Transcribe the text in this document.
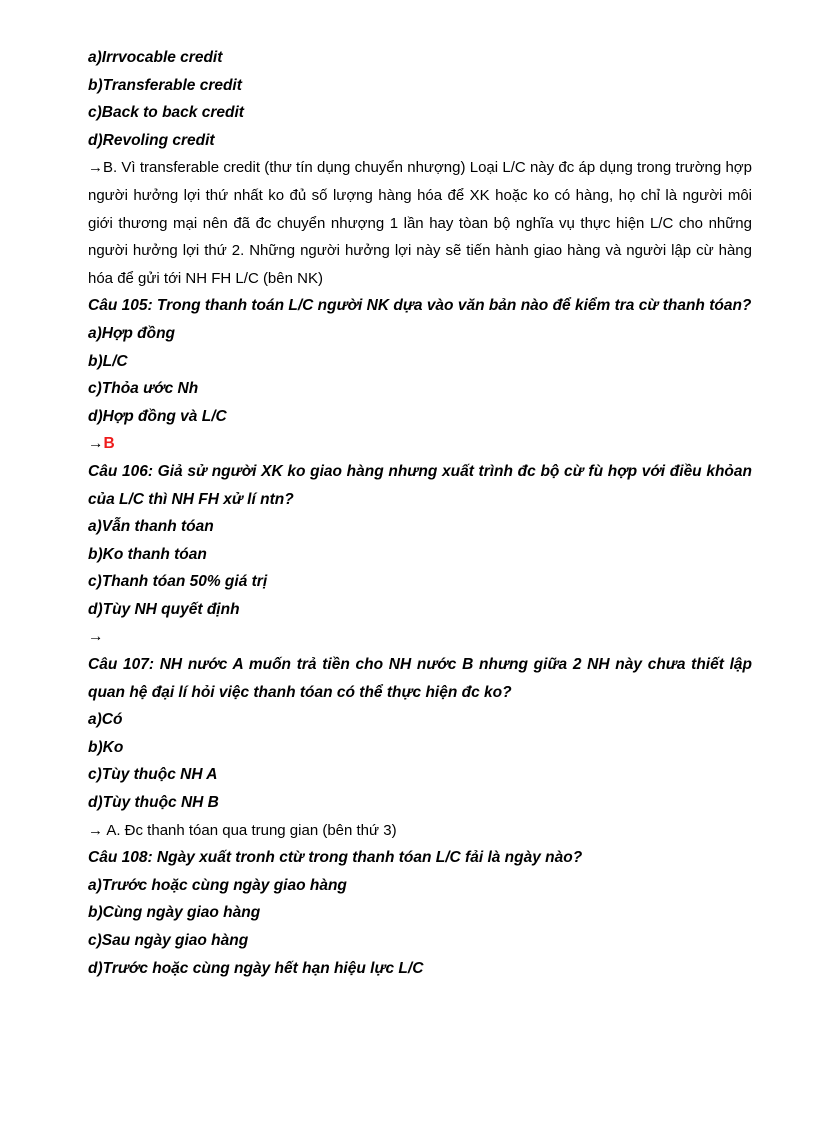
a)Irrvocable credit
b)Transferable credit
c)Back to back credit
d)Revoling credit
→B. Vì transferable credit (thư tín dụng chuyển nhượng) Loại L/C này đc áp dụng trong trường hợp người hưởng lợi thứ nhất ko đủ số lượng hàng hóa để XK hoặc ko có hàng, họ chỉ là người môi giới thương mại nên đã đc chuyển nhượng 1 lần hay tòan bộ nghĩa vụ thực hiện L/C cho những người hưởng lợi thứ 2. Những người hưởng lợi này sẽ tiến hành giao hàng và người lập cừ hàng hóa để gửi tới NH FH L/C (bên NK)
Câu 105: Trong thanh toán L/C người NK dựa vào văn bản nào để kiểm tra cừ thanh tóan?
a)Hợp đồng
b)L/C
c)Thỏa ước Nh
d)Hợp đồng và L/C
→B
Câu 106: Giả sử người XK ko giao hàng nhưng xuất trình đc bộ cừ fù hợp với điều khỏan của L/C thì NH FH xử lí ntn?
a)Vẫn thanh tóan
b)Ko thanh tóan
c)Thanh tóan 50% giá trị
d)Tùy NH quyết định
→
Câu 107: NH nước A muốn trả tiền cho NH nước B nhưng giữa 2 NH này chưa thiết lập quan hệ đại lí hỏi việc thanh tóan có thể thực hiện đc ko?
a)Có
b)Ko
c)Tùy thuộc NH A
d)Tùy thuộc NH B
→ A. Đc thanh tóan qua trung gian (bên thứ 3)
Câu 108: Ngày xuất tronh ctừ trong thanh tóan L/C fải là ngày nào?
a)Trước hoặc cùng ngày giao hàng
b)Cùng ngày giao hàng
c)Sau ngày giao hàng
d)Trước hoặc cùng ngày hết hạn hiệu lực L/C
